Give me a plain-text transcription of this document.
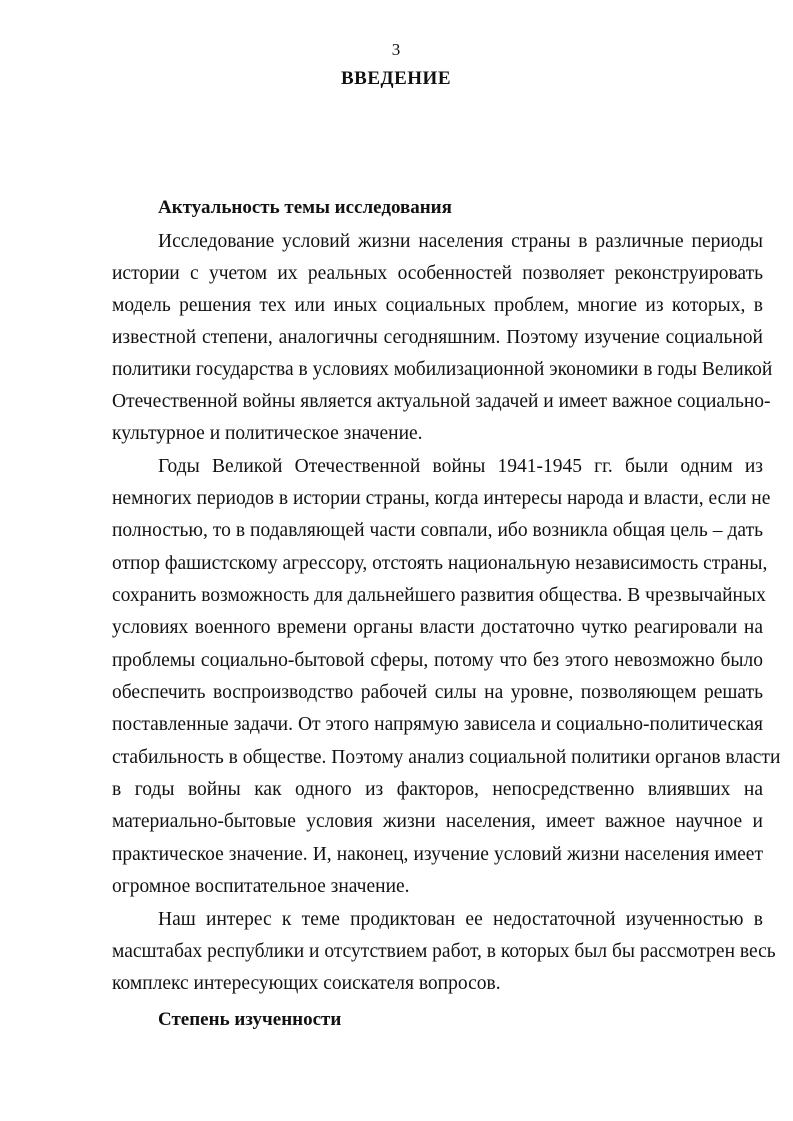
3
ВВЕДЕНИЕ
Актуальность темы исследования
Исследование условий жизни населения страны в различные периоды
истории с учетом их реальных особенностей позволяет реконструировать
модель решения тех или иных социальных проблем, многие из которых, в
известной степени, аналогичны сегодняшним. Поэтому изучение социальной
политики государства в условиях мобилизационной экономики в годы Великой
Отечественной войны является актуальной задачей и имеет важное социально-
культурное и политическое значение.
Годы Великой Отечественной войны 1941-1945 гг. были одним из
немногих периодов в истории страны, когда интересы народа и власти, если не
полностью, то в подавляющей части совпали, ибо возникла общая цель – дать
отпор фашистскому агрессору, отстоять национальную независимость страны,
сохранить возможность для дальнейшего развития общества. В чрезвычайных
условиях военного времени органы власти достаточно чутко реагировали на
проблемы социально-бытовой сферы, потому что без этого невозможно было
обеспечить воспроизводство рабочей силы на уровне, позволяющем решать
поставленные задачи. От этого напрямую зависела и социально-политическая
стабильность в обществе. Поэтому анализ социальной политики органов власти
в годы войны как одного из факторов, непосредственно влиявших на
материально-бытовые условия жизни населения, имеет важное научное и
практическое значение. И, наконец, изучение условий жизни населения имеет
огромное воспитательное значение.
Наш интерес к теме продиктован ее недостаточной изученностью в
масштабах республики и отсутствием работ, в которых был бы рассмотрен весь
комплекс интересующих соискателя вопросов.
Степень изученности
